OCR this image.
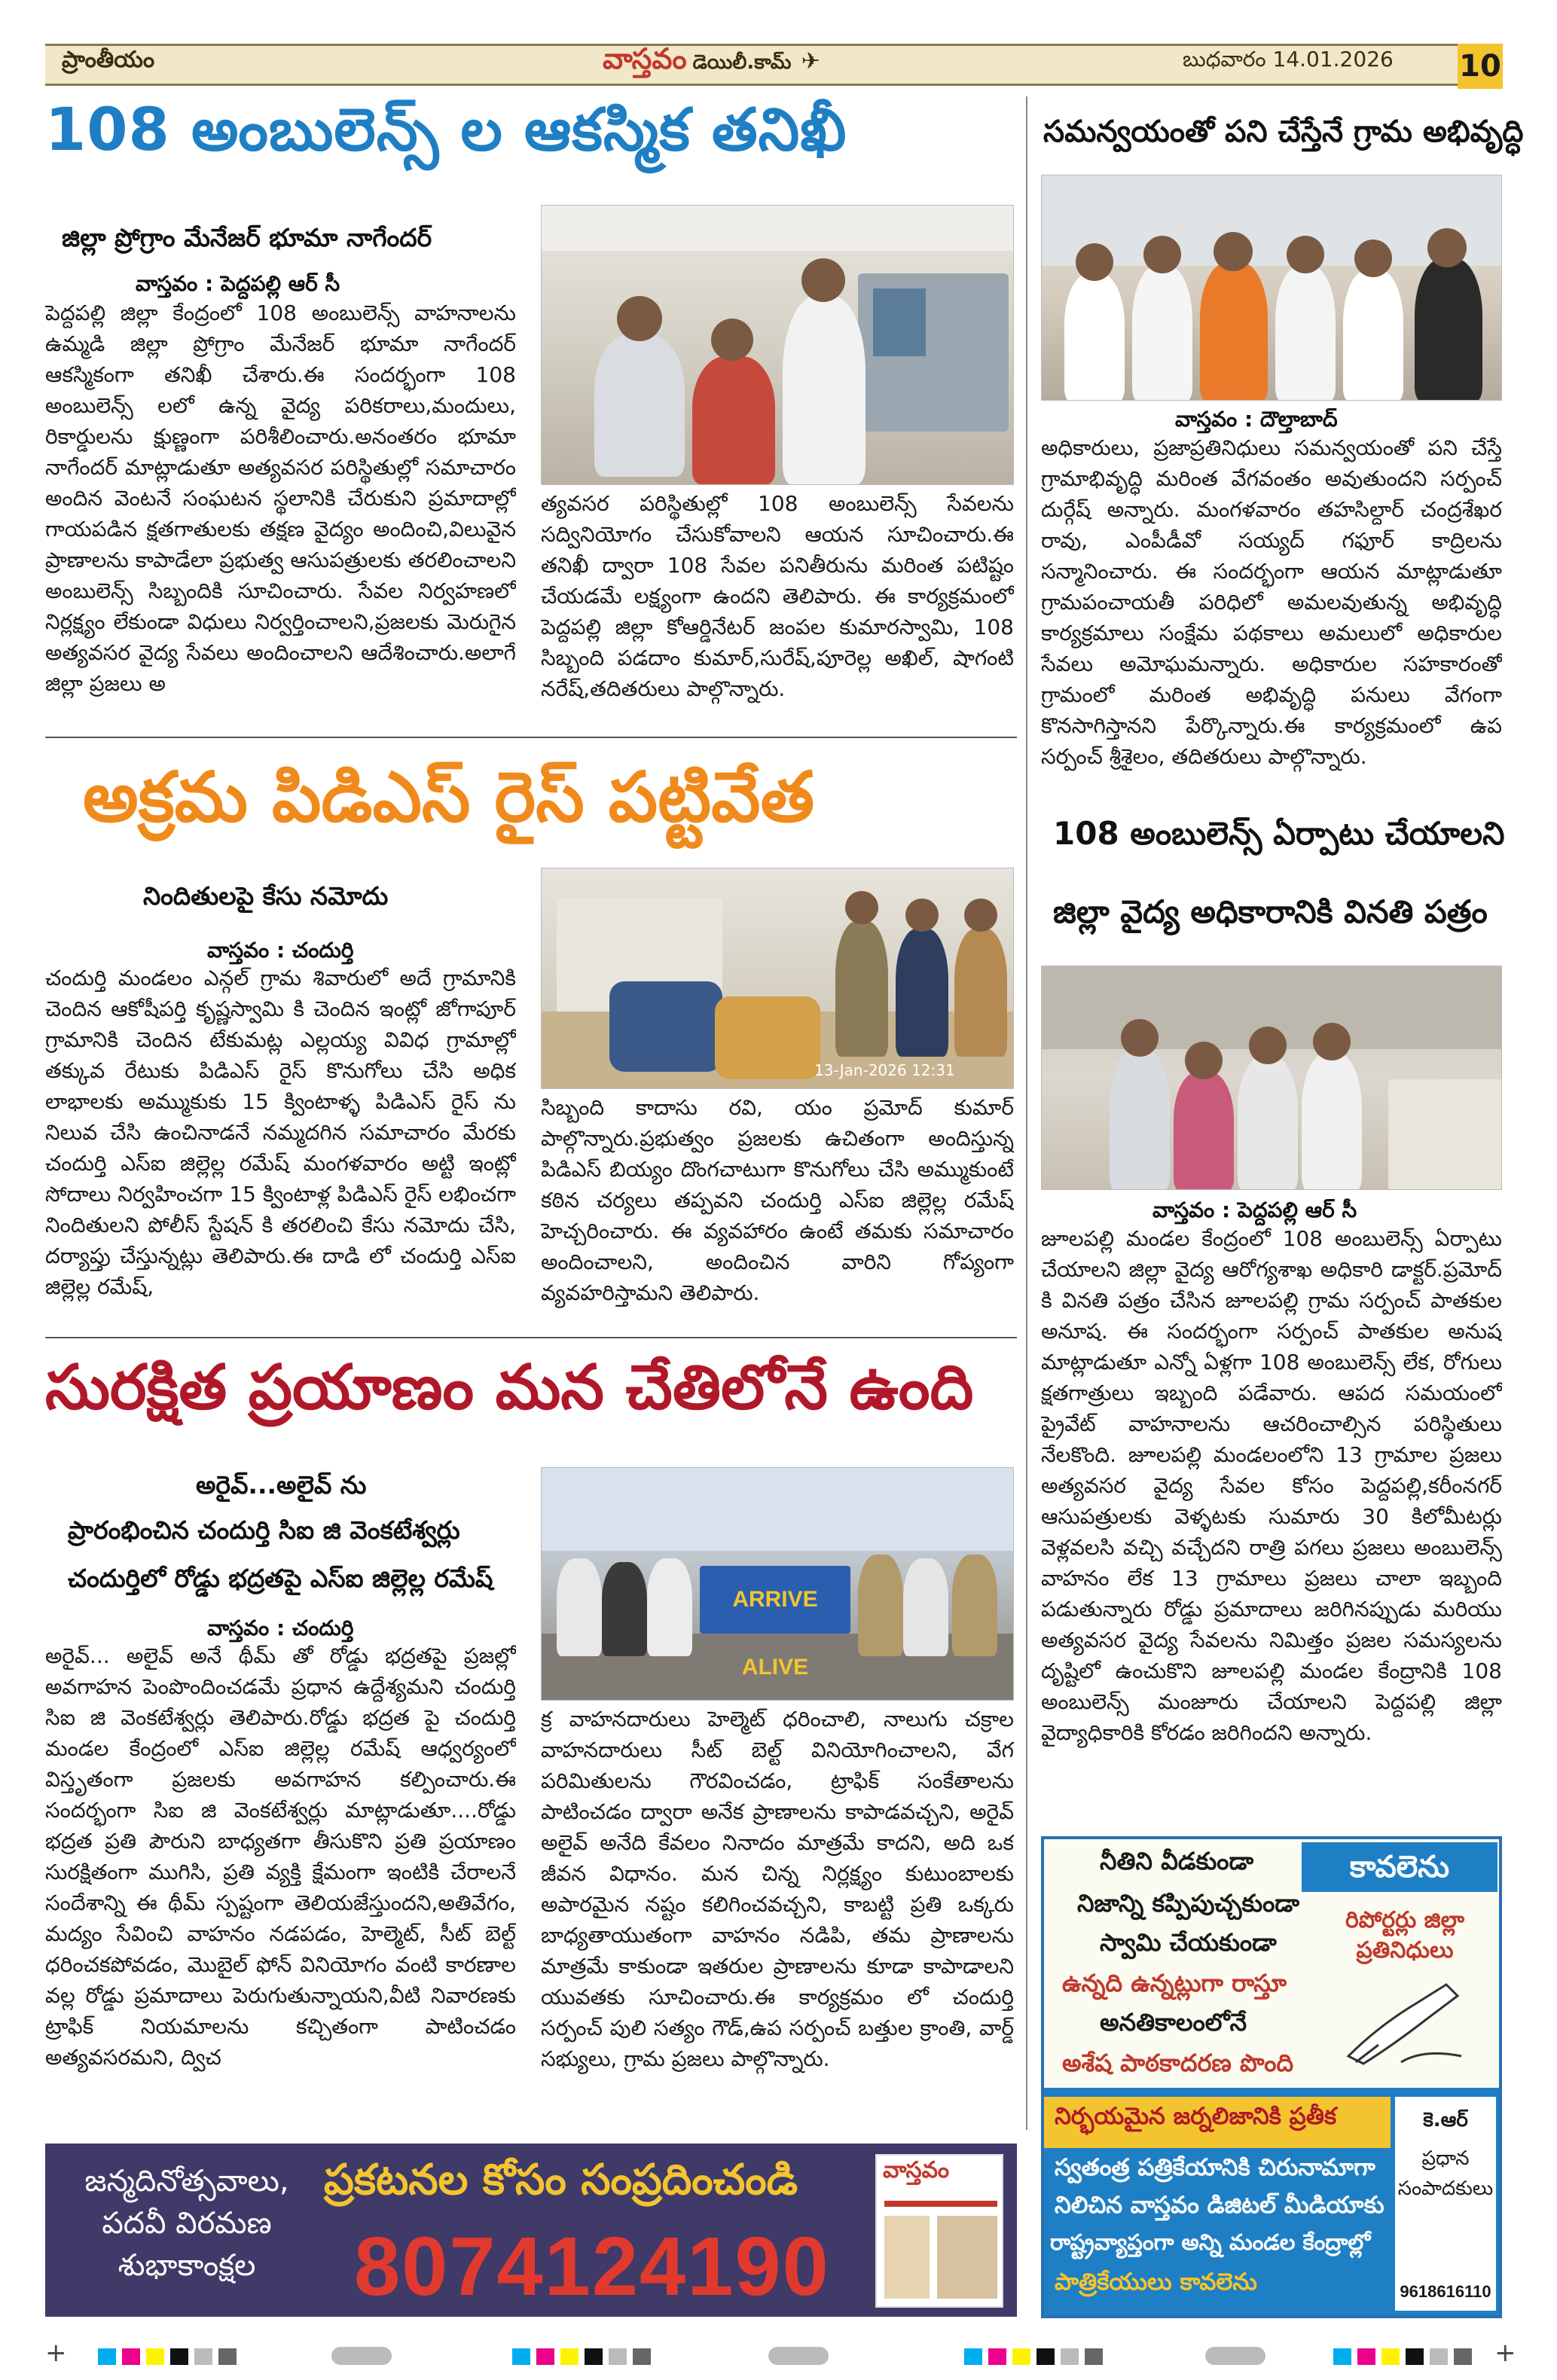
ప్రాంతీయం	వాస్తవం డెయిలీ.కామ్ ✈	బుధవారం 14.01.2026 10
108 అంబులెన్స్ ల ఆకస్మిక తనిఖీ
జిల్లా ప్రోగ్రాం మేనేజర్ భూమా నాగేందర్
వాస్తవం : పెద్దపల్లి ఆర్ సీ
పెద్దపల్లి జిల్లా కేంద్రంలో 108 అంబులెన్స్ వాహనాలను ఉమ్మడి జిల్లా ప్రోగ్రాం మేనేజర్ భూమా నాగేందర్ ఆకస్మికంగా తనిఖీ చేశారు.ఈ సందర్భంగా 108 అంబులెన్స్ లలో ఉన్న వైద్య పరికరాలు,మందులు, రికార్డులను క్షుణ్ణంగా పరిశీలించారు.అనంతరం భూమా నాగేందర్ మాట్లాడుతూ అత్యవసర పరిస్థితుల్లో సమాచారం అందిన వెంటనే సంఘటన స్థలానికి చేరుకుని ప్రమాదాల్లో గాయపడిన క్షతగాతులకు తక్షణ వైద్యం అందించి,విలువైన ప్రాణాలను కాపాడేలా ప్రభుత్వ ఆసుపత్రులకు తరలించాలని అంబులెన్స్ సిబ్బందికి సూచించారు. సేవల నిర్వహణలో నిర్లక్ష్యం లేకుండా విధులు నిర్వర్తించాలని,ప్రజలకు మెరుగైన అత్యవసర వైద్య సేవలు అందించాలని ఆదేశించారు.అలాగే జిల్లా ప్రజలు అ
త్యవసర పరిస్థితుల్లో 108 అంబులెన్స్ సేవలను సద్వినియోగం చేసుకోవాలని ఆయన సూచించారు.ఈ తనిఖీ ద్వారా 108 సేవల పనితీరును మరింత పటిష్టం చేయడమే లక్ష్యంగా ఉందని తెలిపారు. ఈ కార్యక్రమంలో పెద్దపల్లి జిల్లా కోఆర్డినేటర్ జంపల కుమారస్వామి, 108 సిబ్బంది పడదాం కుమార్,సురేష్,పూరెల్ల అఖిల్, షాగంటి నరేష్,తదితరులు పాల్గొన్నారు.
అక్రమ పిడిఎస్ రైస్ పట్టివేత
నిందితులపై కేసు నమోదు
వాస్తవం : చందుర్తి
చందుర్తి మండలం ఎన్గల్ గ్రామ శివారులో అదే గ్రామానికి చెందిన ఆకోషీపర్తి కృష్ణస్వామి కి చెందిన ఇంట్లో జోగాపూర్ గ్రామానికి చెందిన టేకుమట్ల ఎల్లయ్య వివిధ గ్రామాల్లో తక్కువ రేటుకు పిడిఎస్ రైస్ కొనుగోలు చేసి అధిక లాభాలకు అమ్ముకుకు 15 క్వింటాళ్ళ పిడిఎస్ రైస్ ను నిలువ చేసి ఉంచినాడనే నమ్మదగిన సమాచారం మేరకు చందుర్తి ఎస్ఐ జిల్లెల్ల రమేష్ మంగళవారం అట్టి ఇంట్లో సోదాలు నిర్వహించగా 15 క్వింటాళ్ల పిడిఎస్ రైస్ లభించగా నిందితులని పోలీస్ స్టేషన్ కి తరలించి కేసు నమోదు చేసి, దర్యాప్తు చేస్తున్నట్లు తెలిపారు.ఈ దాడి లో చందుర్తి ఎస్ఐ జిల్లెల్ల రమేష్,
13-Jan-2026 12:31
సిబ్బంది కాదాసు రవి, యం ప్రమోద్ కుమార్ పాల్గొన్నారు.ప్రభుత్వం ప్రజలకు ఉచితంగా అందిస్తున్న పిడిఎస్ బియ్యం దొంగచాటుగా కొనుగోలు చేసి అమ్ముకుంటే కఠిన చర్యలు తప్పవని చందుర్తి ఎస్ఐ జిల్లెల్ల రమేష్ హెచ్చరించారు. ఈ వ్యవహారం ఉంటే తమకు సమాచారం అందించాలని, అందించిన వారిని గోప్యంగా వ్యవహరిస్తామని తెలిపారు.
సురక్షిత ప్రయాణం మన చేతిలోనే ఉంది
అరైవ్...అలైవ్ ను
ప్రారంభించిన చందుర్తి సిఐ జి వెంకటేశ్వర్లు
చందుర్తిలో రోడ్డు భద్రతపై ఎస్ఐ జిల్లెల్ల రమేష్
వాస్తవం : చందుర్తి
అరైవ్... అలైవ్ అనే థీమ్ తో రోడ్డు భద్రతపై ప్రజల్లో అవగాహన పెంపొందించడమే ప్రధాన ఉద్దేశ్యమని చందుర్తి సిఐ జి వెంకటేశ్వర్లు తెలిపారు.రోడ్డు భద్రత పై చందుర్తి మండల కేంద్రంలో ఎస్ఐ జిల్లెల్ల రమేష్ ఆధ్వర్యంలో విస్తృతంగా ప్రజలకు అవగాహన కల్పించారు.ఈ సందర్భంగా సిఐ జి వెంకటేశ్వర్లు మాట్లాడుతూ....రోడ్డు భద్రత ప్రతి పౌరుని బాధ్యతగా తీసుకొని ప్రతి ప్రయాణం సురక్షితంగా ముగిసి, ప్రతి వ్యక్తి క్షేమంగా ఇంటికి చేరాలనే సందేశాన్ని ఈ థీమ్ స్పష్టంగా తెలియజేస్తుందని,అతివేగం, మద్యం సేవించి వాహనం నడపడం, హెల్మెట్, సీట్ బెల్ట్ ధరించకపోవడం, మొబైల్ ఫోన్ వినియోగం వంటి కారణాల వల్ల రోడ్డు ప్రమాదాలు పెరుగుతున్నాయని,వీటి నివారణకు ట్రాఫిక్ నియమాలను కచ్చితంగా పాటించడం అత్యవసరమని, ద్విచ
ARRIVE ALIVE
క్ర వాహనదారులు హెల్మెట్ ధరించాలి, నాలుగు చక్రాల వాహనదారులు సీట్ బెల్ట్ వినియోగించాలని, వేగ పరిమితులను గౌరవించడం, ట్రాఫిక్ సంకేతాలను పాటించడం ద్వారా అనేక ప్రాణాలను కాపాడవచ్చని, అరైవ్ అలైవ్ అనేది కేవలం నినాదం మాత్రమే కాదని, అది ఒక జీవన విధానం. మన చిన్న నిర్లక్ష్యం కుటుంబాలకు అపారమైన నష్టం కలిగించవచ్చని, కాబట్టి ప్రతి ఒక్కరు బాధ్యతాయుతంగా వాహనం నడిపి, తమ ప్రాణాలను మాత్రమే కాకుండా ఇతరుల ప్రాణాలను కూడా కాపాడాలని యువతకు సూచించారు.ఈ కార్యక్రమం లో చందుర్తి సర్పంచ్ పులి సత్యం గౌడ్,ఉప సర్పంచ్ బత్తుల క్రాంతి, వార్డ్ సభ్యులు, గ్రామ ప్రజలు పాల్గొన్నారు.
సమన్వయంతో పని చేస్తేనే గ్రామ అభివృద్ధి
వాస్తవం : దౌల్తాబాద్
అధికారులు, ప్రజాప్రతినిధులు సమన్వయంతో పని చేస్తే గ్రామాభివృద్ధి మరింత వేగవంతం అవుతుందని సర్పంచ్ దుర్గేష్ అన్నారు. మంగళవారం తహసిల్దార్ చంద్రశేఖర రావు, ఎంపీడీవో సయ్యద్ గఫూర్ కాద్రిలను సన్మానించారు. ఈ సందర్భంగా ఆయన మాట్లాడుతూ గ్రామపంచాయతీ పరిధిలో అమలవుతున్న అభివృద్ధి కార్యక్రమాలు సంక్షేమ పథకాలు అమలులో అధికారుల సేవలు అమోఘమన్నారు. అధికారుల సహకారంతో గ్రామంలో మరింత అభివృద్ధి పనులు వేగంగా కొనసాగిస్తానని పేర్కొన్నారు.ఈ కార్యక్రమంలో ఉప సర్పంచ్ శ్రీశైలం, తదితరులు పాల్గొన్నారు.
108 అంబులెన్స్ ఏర్పాటు చేయాలని
జిల్లా వైద్య అధికారానికి వినతి పత్రం
వాస్తవం : పెద్దపల్లి ఆర్ సీ
జూలపల్లి మండల కేంద్రంలో 108 అంబులెన్స్ ఏర్పాటు చేయాలని జిల్లా వైద్య ఆరోగ్యశాఖ అధికారి డాక్టర్.ప్రమోద్ కి వినతి పత్రం చేసిన జూలపల్లి గ్రామ సర్పంచ్ పాతకుల అనూష. ఈ సందర్భంగా సర్పంచ్ పాతకుల అనుష మాట్లాడుతూ ఎన్నో ఏళ్లగా 108 అంబులెన్స్ లేక, రోగులు క్షతగాత్రులు ఇబ్బంది పడేవారు. ఆపద సమయంలో ప్రైవేట్ వాహనాలను ఆచరించాల్సిన పరిస్థితులు నేలకొంది. జూలపల్లి మండలంలోని 13 గ్రామాల ప్రజలు అత్యవసర వైద్య సేవల కోసం పెద్దపల్లి,కరీంనగర్ ఆసుపత్రులకు వెళ్ళటకు సుమారు 30 కిలోమీటర్లు వెళ్లవలసి వచ్చి వచ్చేదని రాత్రి పగలు ప్రజలు అంబులెన్స్ వాహనం లేక 13 గ్రామాలు ప్రజలు చాలా ఇబ్బంది పడుతున్నారు రోడ్డు ప్రమాదాలు జరిగినప్పుడు మరియు అత్యవసర వైద్య సేవలను నిమిత్తం ప్రజల సమస్యలను దృష్టిలో ఉంచుకొని జూలపల్లి మండల కేంద్రానికి 108 అంబులెన్స్ మంజూరు చేయాలని పెద్దపల్లి జిల్లా వైద్యాధికారికి కోరడం జరిగిందని అన్నారు.
కావలెను
నీతిని వీడకుండా
నిజాన్ని కప్పిపుచ్చకుండా
స్వామి చేయకుండా
ఉన్నది ఉన్నట్లుగా రాస్తూ
అనతికాలంలోనే
అశేష పాఠకాదరణ పొంది
రిపోర్టర్లు జిల్లా ప్రతినిధులు
నిర్భయమైన జర్నలిజానికి ప్రతీక
స్వతంత్ర పత్రికేయానికి చిరునామాగా
నిలిచిన వాస్తవం డిజిటల్ మీడియాకు
రాష్ట్రవ్యాప్తంగా అన్ని మండల కేంద్రాల్లో
పాత్రికేయులు కావలెను
కె.ఆర్
ప్రధాన సంపాదకులు
9618616110
జన్మదినోత్సవాలు, పదవీ విరమణ శుభాకాంక్షల
ప్రకటనల కోసం సంప్రదించండి
8074124190
వాస్తవం
+	+
